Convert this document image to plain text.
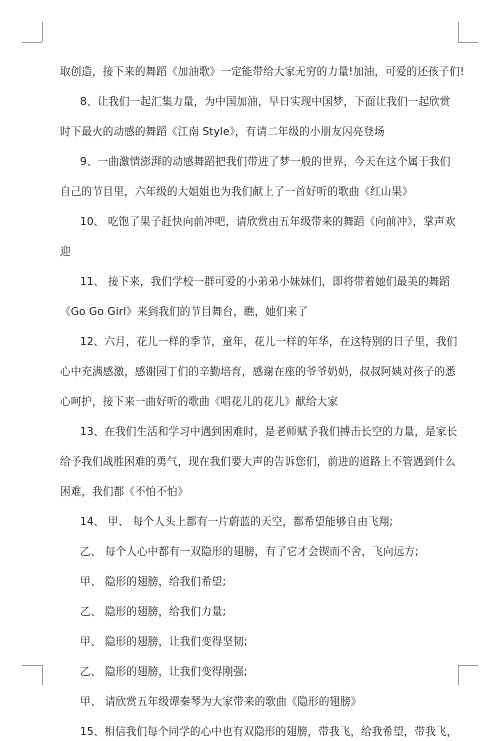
取创造，接下来的舞蹈《加油歌》一定能带给大家无穷的力量!加油，可爱的还孩子们!
8、让我们一起汇集力量，为中国加油，早日实现中国梦，下面让我们一起欣赏
时下最火的动感的舞蹈《江南 Style》，有请二年级的小朋友闪亮登场
9、一曲激情澎湃的动感舞蹈把我们带进了梦一般的世界，今天在这个属于我们
自己的节目里，六年级的大姐姐也为我们献上了一首好听的歌曲《红山果》
10、 吃饱了果子赶快向前冲吧，请欣赏由五年级带来的舞蹈《向前冲》，掌声欢
迎
11、 接下来，我们学校一群可爱的小弟弟小妹妹们，即将带着她们最美的舞蹈
《Go Go Girl》来到我们的节目舞台，瞧，她们来了
12、六月，花儿一样的季节，童年，花儿一样的年华，在这特别的日子里，我们
心中充满感激，感谢园丁们的辛勤培育，感谢在座的爷爷奶奶，叔叔阿姨对孩子的悉
心呵护，接下来一曲好听的歌曲《唱花儿的花儿》献给大家
13、在我们生活和学习中遇到困难时，是老师赋予我们搏击长空的力量，是家长
给予我们战胜困难的勇气，现在我们要大声的告诉您们，前进的道路上不管遇到什么
困难，我们都《不怕不怕》
14、 甲、 每个人头上都有一片蔚蓝的天空，都希望能够自由飞翔;
乙、 每个人心中都有一双隐形的翅膀，有了它才会锲而不舍，飞向远方;
甲、 隐形的翅膀，给我们希望;
乙、 隐形的翅膀，给我们力量;
甲、 隐形的翅膀，让我们变得坚韧;
乙、 隐形的翅膀，让我们变得刚强;
甲、 请欣赏五年级谭秦琴为大家带来的歌曲《隐形的翅膀》
15、相信我们每个同学的心中也有双隐形的翅膀，带我飞，给我希望，带我飞，
